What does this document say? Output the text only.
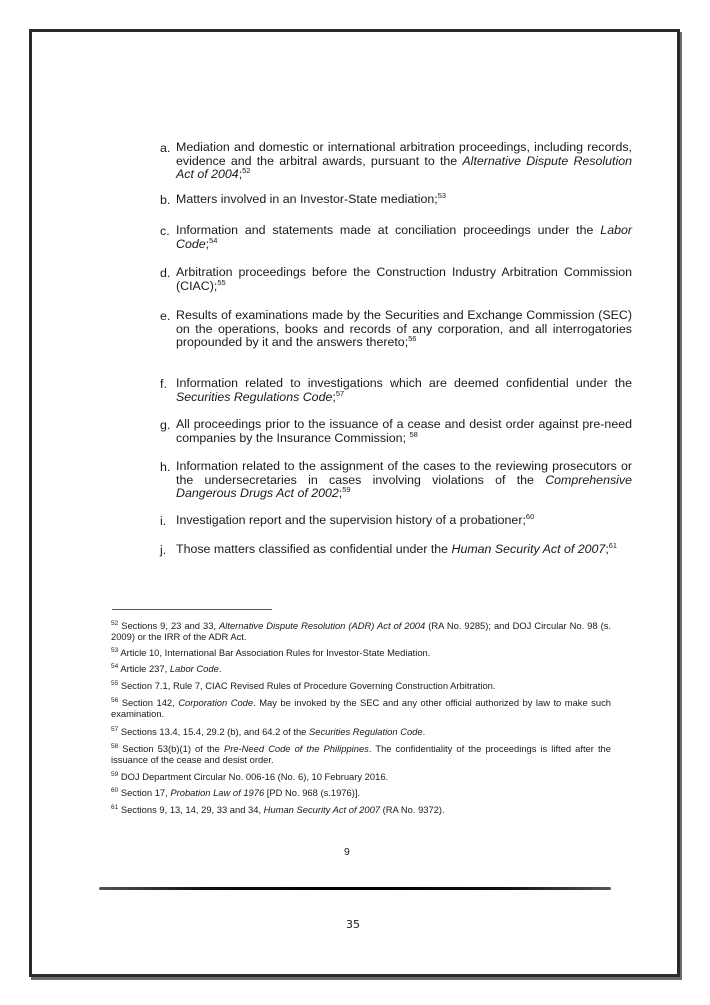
a. Mediation and domestic or international arbitration proceedings, including records, evidence and the arbitral awards, pursuant to the Alternative Dispute Resolution Act of 2004;$^{52}$
b. Matters involved in an Investor-State mediation;$^{53}$
c. Information and statements made at conciliation proceedings under the Labor Code;$^{54}$
d. Arbitration proceedings before the Construction Industry Arbitration Commission (CIAC);$^{55}$
e. Results of examinations made by the Securities and Exchange Commission (SEC) on the operations, books and records of any corporation, and all interrogatories propounded by it and the answers thereto;$^{56}$
f. Information related to investigations which are deemed confidential under the Securities Regulations Code;$^{57}$
g. All proceedings prior to the issuance of a cease and desist order against pre-need companies by the Insurance Commission; $^{58}$
h. Information related to the assignment of the cases to the reviewing prosecutors or the undersecretaries in cases involving violations of the Comprehensive Dangerous Drugs Act of 2002;$^{59}$
i. Investigation report and the supervision history of a probationer;$^{60}$
j. Those matters classified as confidential under the Human Security Act of 2007;$^{61}$
$^{52}$ Sections 9, 23 and 33, Alternative Dispute Resolution (ADR) Act of 2004 (RA No. 9285); and DOJ Circular No. 98 (s. 2009) or the IRR of the ADR Act.
$^{53}$ Article 10, International Bar Association Rules for Investor-State Mediation.
$^{54}$ Article 237, Labor Code.
$^{55}$ Section 7.1, Rule 7, CIAC Revised Rules of Procedure Governing Construction Arbitration.
$^{56}$ Section 142, Corporation Code. May be invoked by the SEC and any other official authorized by law to make such examination.
$^{57}$ Sections 13.4, 15.4, 29.2 (b), and 64.2 of the Securities Regulation Code.
$^{58}$ Section 53(b)(1) of the Pre-Need Code of the Philippines. The confidentiality of the proceedings is lifted after the issuance of the cease and desist order.
$^{59}$ DOJ Department Circular No. 006-16 (No. 6), 10 February 2016.
$^{60}$ Section 17, Probation Law of 1976 [PD No. 968 (s.1976)].
$^{61}$ Sections 9, 13, 14, 29, 33 and 34, Human Security Act of 2007 (RA No. 9372).
9
35
